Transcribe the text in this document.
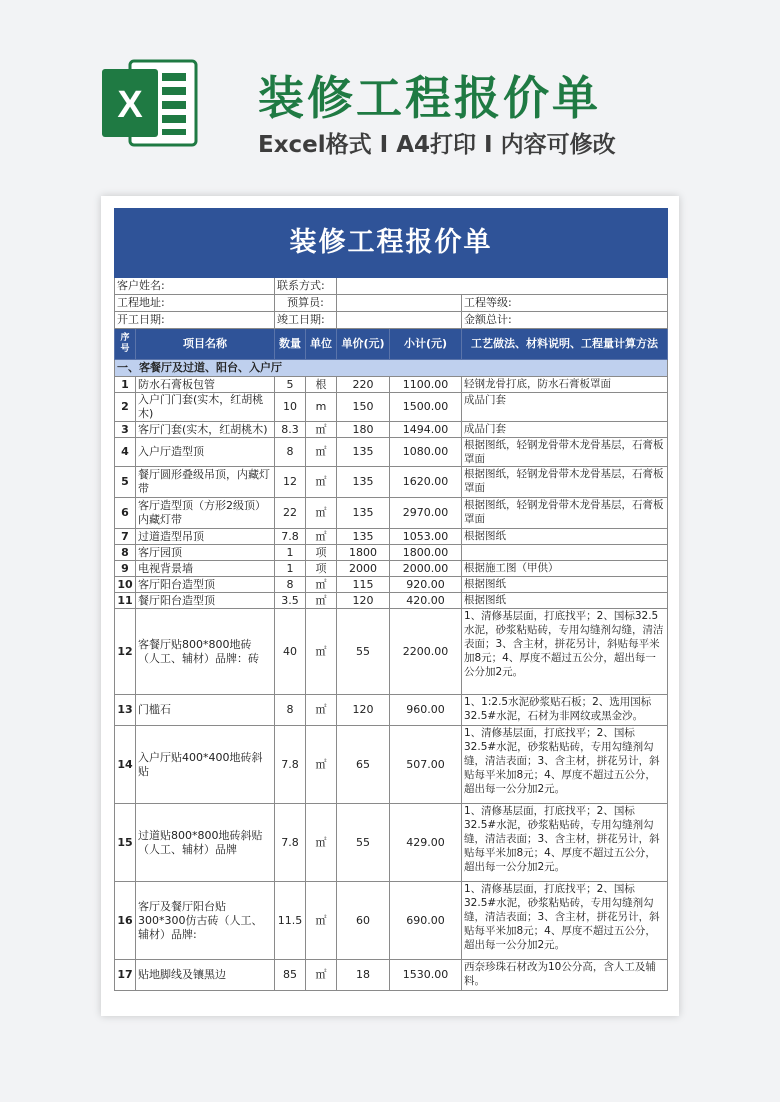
X	装修工程报价单
Excel格式 I A4打印 I 内容可修改
装修工程报价单						
客户姓名:		联系方式:				
工程地址:		预算员:				工程等级:
开工日期:		竣工日期:				金额总计:
序号	项目名称	数量	单位	单价(元)	小计(元)	工艺做法、材料说明、工程量计算方法
一、客餐厅及过道、阳台、入户厅						
1	防水石膏板包管	5	根	220	1100.00	轻钢龙骨打底，防水石膏板罩面
2	入户门门套(实木，红胡桃木)	10	m	150	1500.00	成品门套
3	客厅门套(实木，红胡桃木)	8.3	㎡	180	1494.00	成品门套
4	入户厅造型顶	8	㎡	135	1080.00	根据图纸，轻钢龙骨带木龙骨基层，石膏板罩面
5	餐厅圆形叠级吊顶，内藏灯带	12	㎡	135	1620.00	根据图纸，轻钢龙骨带木龙骨基层，石膏板罩面
6	客厅造型顶（方形2级顶）内藏灯带	22	㎡	135	2970.00	根据图纸，轻钢龙骨带木龙骨基层，石膏板罩面
7	过道造型吊顶	7.8	㎡	135	1053.00	根据图纸
8	客厅园顶	1	项	1800	1800.00	
9	电视背景墙	1	项	2000	2000.00	根据施工图（甲供）
10	客厅阳台造型顶	8	㎡	115	920.00	根据图纸
11	餐厅阳台造型顶	3.5	㎡	120	420.00	根据图纸
12	客餐厅贴800*800地砖（人工、辅材）品牌：砖	40	㎡	55	2200.00	1、清修基层面，打底找平；2、国标32.5水泥，砂浆粘贴砖，专用勾缝剂勾缝，清洁表面；3、含主材，拼花另计，斜贴每平米加8元；4、厚度不超过五公分，超出每一公分加2元。
13	门槛石	8	㎡	120	960.00	1、1:2.5水泥砂浆贴石板；2、选用国标32.5#水泥，石材为非网纹或黑金沙。
14	入户厅贴400*400地砖斜贴	7.8	㎡	65	507.00	1、清修基层面，打底找平；2、国标32.5#水泥，砂浆粘贴砖，专用勾缝剂勾缝，清洁表面；3、含主材，拼花另计，斜贴每平米加8元；4、厚度不超过五公分，超出每一公分加2元。
15	过道贴800*800地砖斜贴（人工、辅材）品牌	7.8	㎡	55	429.00	1、清修基层面，打底找平；2、国标32.5#水泥，砂浆粘贴砖，专用勾缝剂勾缝，清洁表面；3、含主材，拼花另计，斜贴每平米加8元；4、厚度不超过五公分，超出每一公分加2元。
16	客厅及餐厅阳台贴300*300仿古砖（人工、辅材）品牌:	11.5	㎡	60	690.00	1、清修基层面，打底找平；2、国标32.5#水泥，砂浆粘贴砖，专用勾缝剂勾缝，清洁表面；3、含主材，拼花另计，斜贴每平米加8元；4、厚度不超过五公分，超出每一公分加2元。
17	贴地脚线及镶黑边	85	㎡	18	1530.00	西奈珍珠石材改为10公分高，含人工及辅料。
